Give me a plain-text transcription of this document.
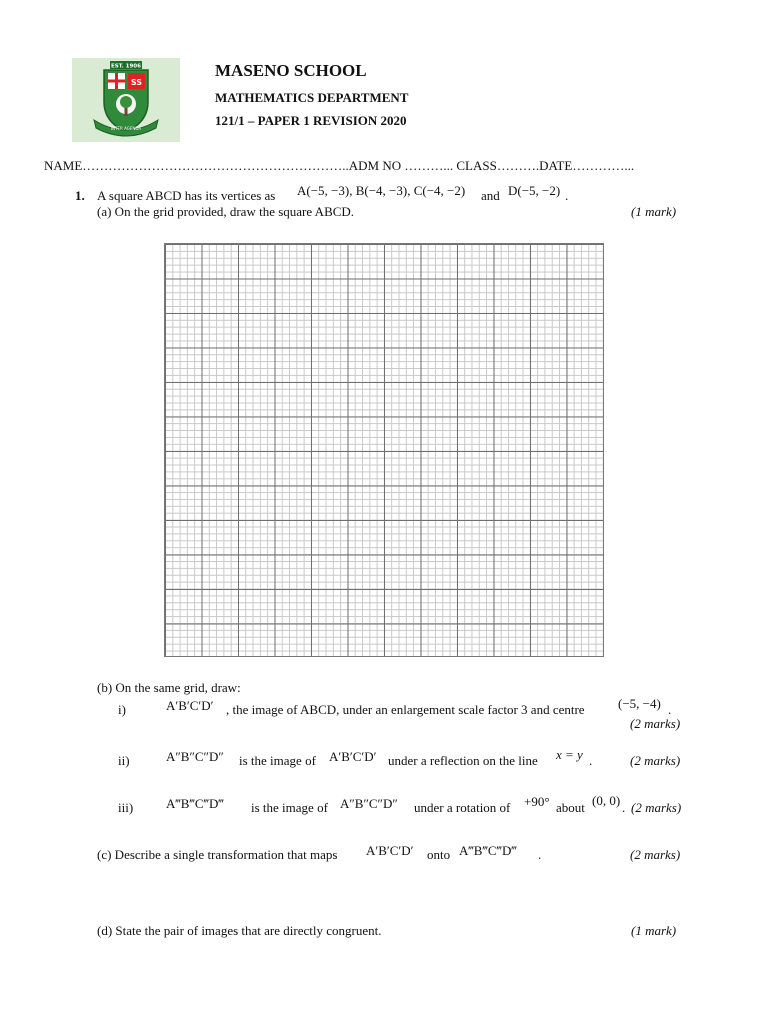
EST. 1906
SS
INTER AGENDA
MASENO SCHOOL
MATHEMATICS DEPARTMENT
121/1 – PAPER 1 REVISION 2020
NAME……………………………………………………..ADM NO ………... CLASS……….DATE…………...
1. A square ABCD has its vertices as A(−5, −3), B(−4, −3), C(−4, −2) and D(−5, −2) .
(a) On the grid provided, draw the square ABCD.	(1 mark)
(b) On the same grid, draw:
i)	A′B′C′D′ , the image of ABCD, under an enlargement scale factor 3 and centre	(−5, −4) .
(2 marks)
ii)	A″B″C″D″ is the image of A′B′C′D′ under a reflection on the line x = y .	(2 marks)
iii)	A‴B‴C‴D‴ is the image of A″B″C″D″ under a rotation of +90° about (0, 0) . (2 marks)
(c) Describe a single transformation that maps A′B′C′D′ onto A‴B‴C‴D‴ .	(2 marks)
(d) State the pair of images that are directly congruent.	(1 mark)
